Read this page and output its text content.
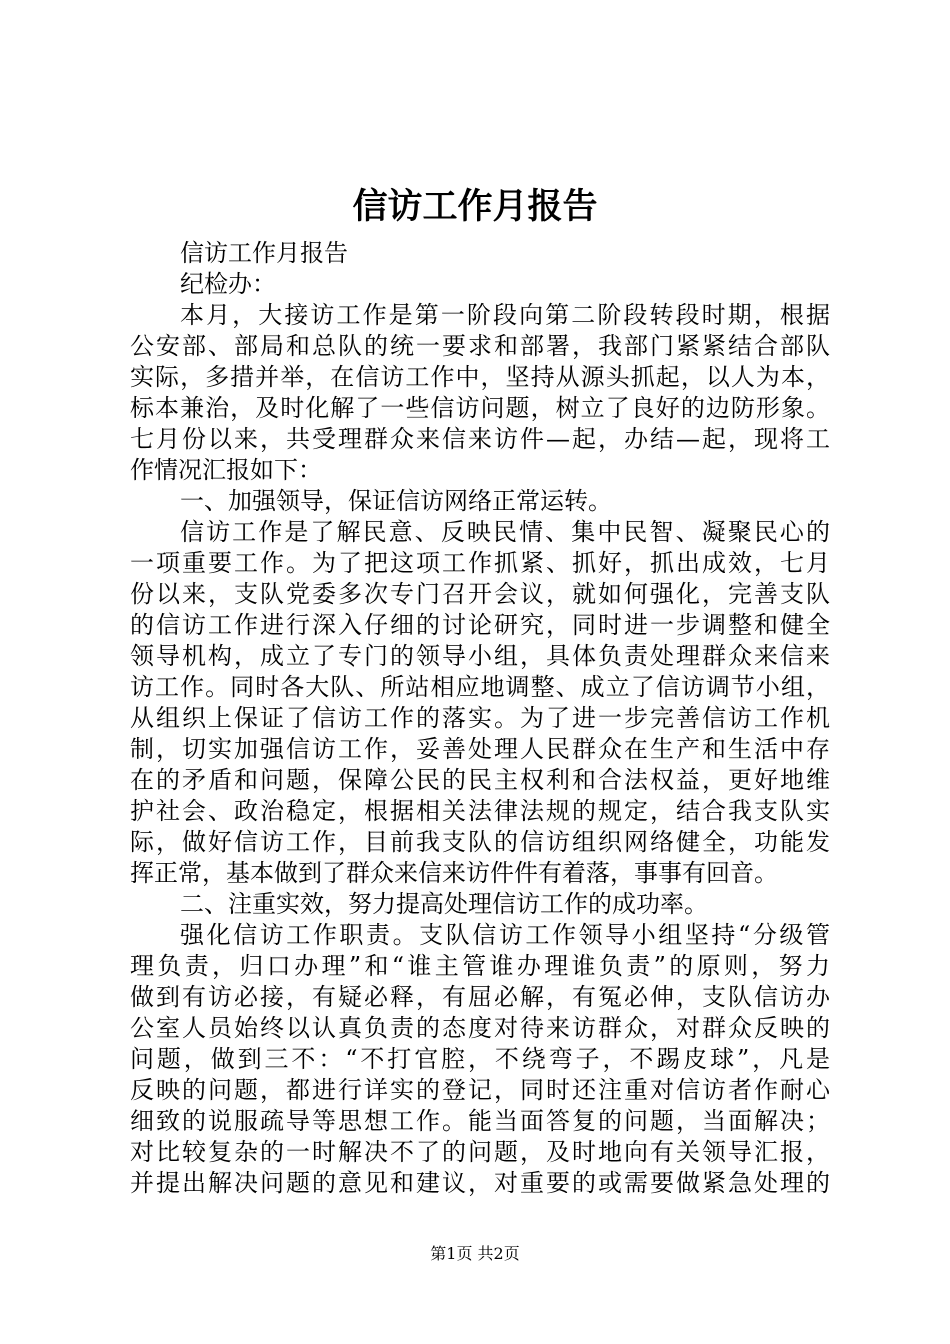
信访工作月报告
信访工作月报告
纪检办：
本月，大接访工作是第一阶段向第二阶段转段时期，根据
公安部、部局和总队的统一要求和部署，我部门紧紧结合部队
实际，多措并举，在信访工作中，坚持从源头抓起，以人为本，
标本兼治，及时化解了一些信访问题，树立了良好的边防形象。
七月份以来，共受理群众来信来访件—起，办结—起，现将工
作情况汇报如下：
一、加强领导，保证信访网络正常运转。
信访工作是了解民意、反映民情、集中民智、凝聚民心的
一项重要工作。为了把这项工作抓紧、抓好，抓出成效，七月
份以来，支队党委多次专门召开会议，就如何强化，完善支队
的信访工作进行深入仔细的讨论研究，同时进一步调整和健全
领导机构，成立了专门的领导小组，具体负责处理群众来信来
访工作。同时各大队、所站相应地调整、成立了信访调节小组，
从组织上保证了信访工作的落实。为了进一步完善信访工作机
制，切实加强信访工作，妥善处理人民群众在生产和生活中存
在的矛盾和问题，保障公民的民主权利和合法权益，更好地维
护社会、政治稳定，根据相关法律法规的规定，结合我支队实
际，做好信访工作，目前我支队的信访组织网络健全，功能发
挥正常，基本做到了群众来信来访件件有着落，事事有回音。
二、注重实效，努力提高处理信访工作的成功率。
强化信访工作职责。支队信访工作领导小组坚持“分级管
理负责，归口办理”和“谁主管谁办理谁负责”的原则，努力
做到有访必接，有疑必释，有屈必解，有冤必伸，支队信访办
公室人员始终以认真负责的态度对待来访群众，对群众反映的
问题，做到三不：“不打官腔，不绕弯子，不踢皮球”，凡是
反映的问题，都进行详实的登记，同时还注重对信访者作耐心
细致的说服疏导等思想工作。能当面答复的问题，当面解决；
对比较复杂的一时解决不了的问题，及时地向有关领导汇报，
并提出解决问题的意见和建议，对重要的或需要做紧急处理的
第1页 共2页
